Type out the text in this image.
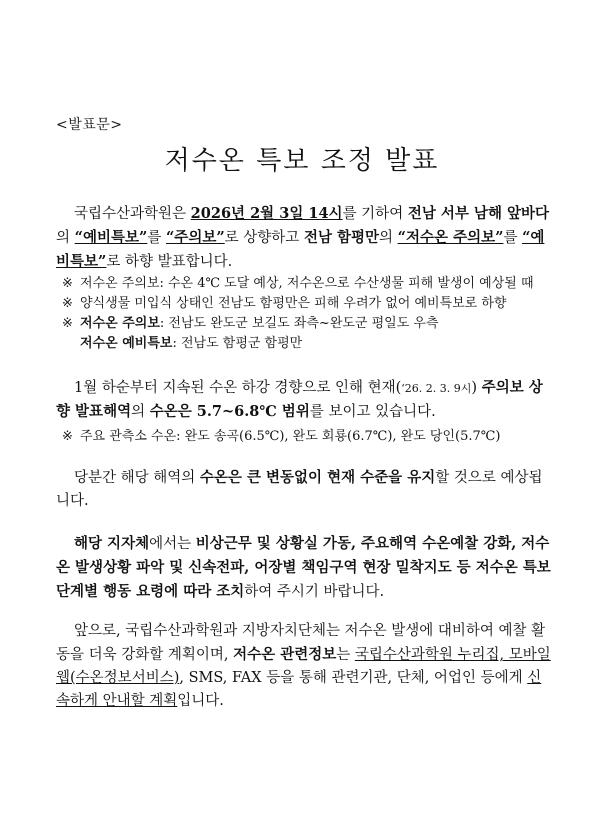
<발표문>
저수온 특보 조정 발표
국립수산과학원은 2026년 2월 3일 14시를 기하여 전남 서부 남해 앞바다의 “예비특보”를 “주의보”로 상향하고 전남 함평만의 “저수온 주의보”를 “예비특보”로 하향 발표합니다.
※ 저수온 주의보: 수온 4℃ 도달 예상, 저수온으로 수산생물 피해 발생이 예상될 때
※ 양식생물 미입식 상태인 전남도 함평만은 피해 우려가 없어 예비특보로 하향
※ 저수온 주의보: 전남도 완도군 보길도 좌측~완도군 평일도 우측
저수온 예비특보: 전남도 함평군 함평만
1월 하순부터 지속된 수온 하강 경향으로 인해 현재(‘26. 2. 3. 9시) 주의보 상향 발표해역의 수온은 5.7~6.8℃ 범위를 보이고 있습니다.
※ 주요 관측소 수온: 완도 송곡(6.5℃), 완도 회룡(6.7℃), 완도 당인(5.7℃)
당분간 해당 해역의 수온은 큰 변동없이 현재 수준을 유지할 것으로 예상됩니다.
해당 지자체에서는 비상근무 및 상황실 가동, 주요해역 수온예찰 강화, 저수온 발생상황 파악 및 신속전파, 어장별 책임구역 현장 밀착지도 등 저수온 특보 단계별 행동 요령에 따라 조치하여 주시기 바랍니다.
앞으로, 국립수산과학원과 지방자치단체는 저수온 발생에 대비하여 예찰 활동을 더욱 강화할 계획이며, 저수온 관련정보는 국립수산과학원 누리집, 모바일 웹(수온정보서비스), SMS, FAX 등을 통해 관련기관, 단체, 어업인 등에게 신속하게 안내할 계획입니다.
